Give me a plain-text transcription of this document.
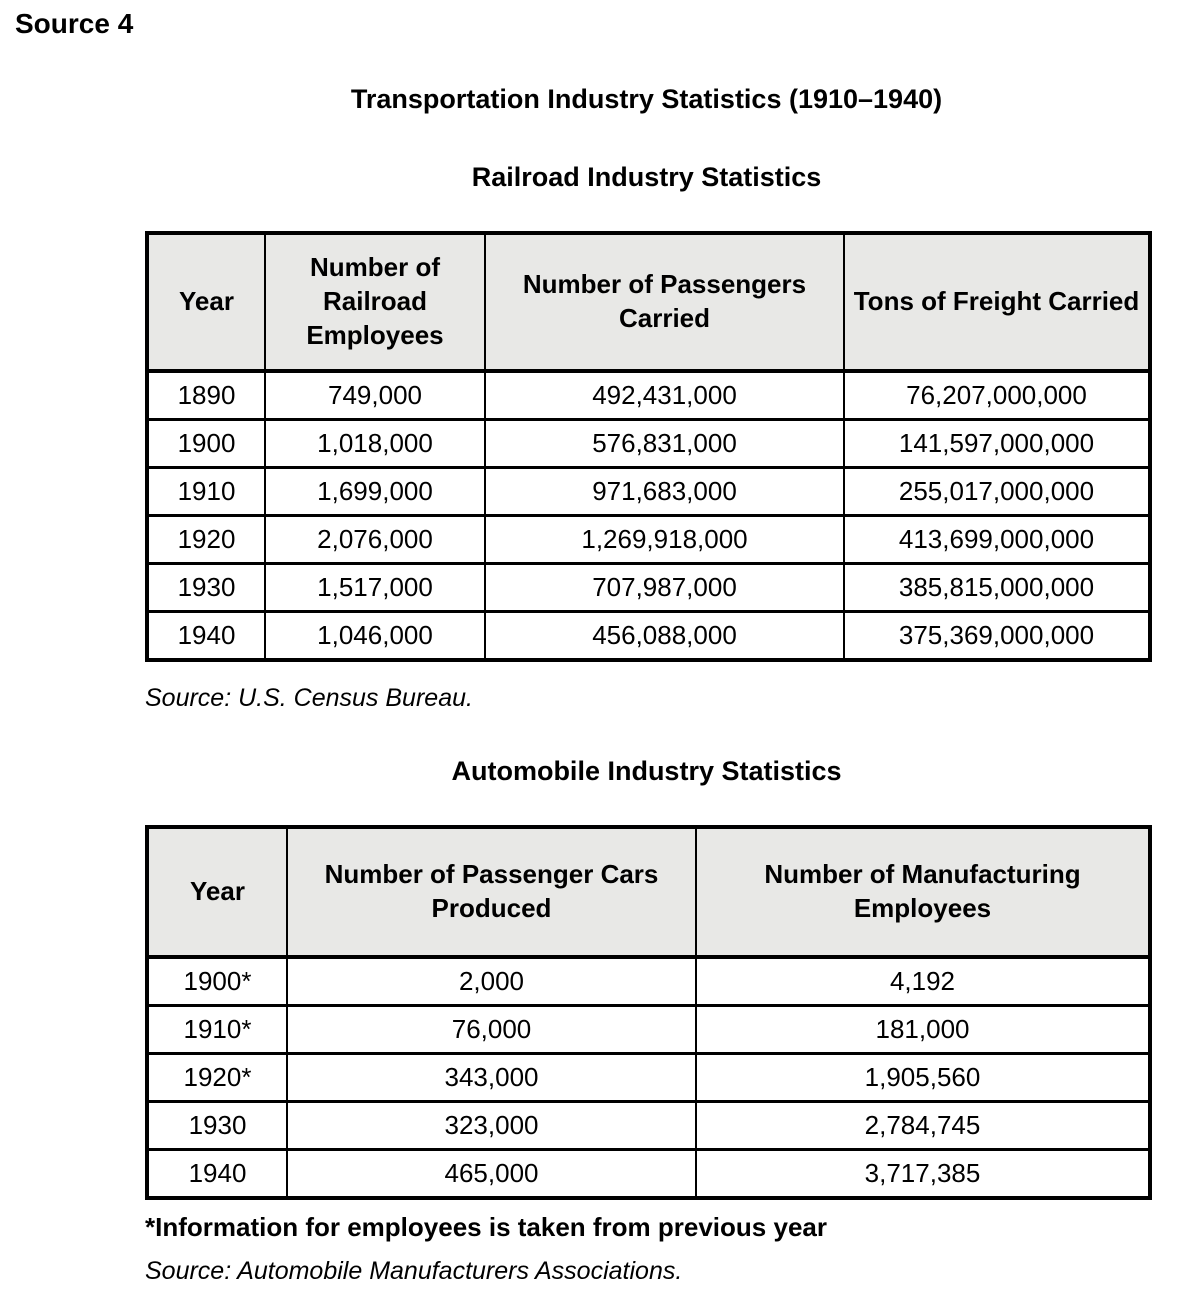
Source 4
Transportation Industry Statistics (1910–1940)
Railroad Industry Statistics
Year	Number of Railroad Employees	Number of Passengers Carried	Tons of Freight Carried
1890	749,000	492,431,000	76,207,000,000
1900	1,018,000	576,831,000	141,597,000,000
1910	1,699,000	971,683,000	255,017,000,000
1920	2,076,000	1,269,918,000	413,699,000,000
1930	1,517,000	707,987,000	385,815,000,000
1940	1,046,000	456,088,000	375,369,000,000
Source: U.S. Census Bureau.
Automobile Industry Statistics
Year	Number of Passenger Cars Produced	Number of Manufacturing Employees
1900*	2,000	4,192
1910*	76,000	181,000
1920*	343,000	1,905,560
1930	323,000	2,784,745
1940	465,000	3,717,385
*Information for employees is taken from previous year
Source: Automobile Manufacturers Associations.
